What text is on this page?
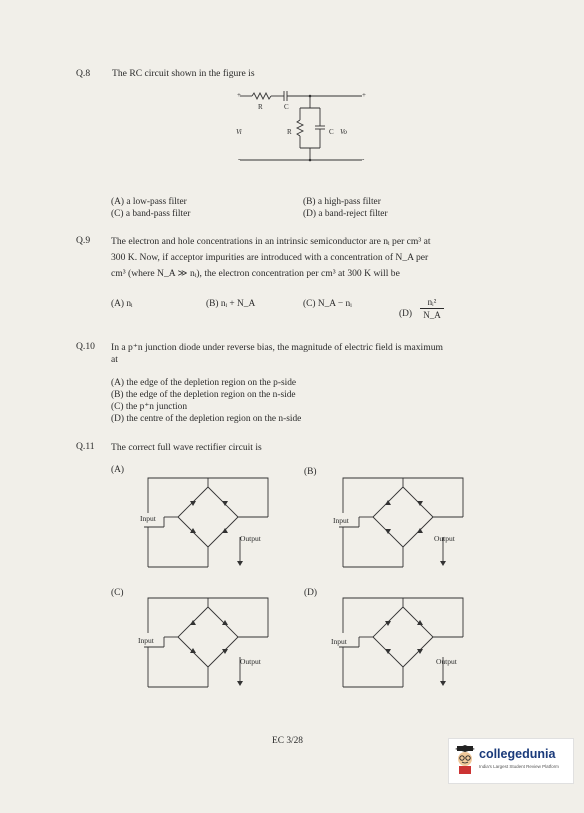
Q.8 The RC circuit shown in the figure is
+	+
R	C
R	C
Vi	Vo
-	-
(A) a low-pass filter	(B) a high-pass filter
(C) a band-pass filter	(D) a band-reject filter
Q.9 The electron and hole concentrations in an intrinsic semiconductor are nᵢ per cm³ at
300 K. Now, if acceptor impurities are introduced with a concentration of N_A per
cm³ (where N_A ≫ nᵢ), the electron concentration per cm³ at 300 K will be
(A) nᵢ	(B) nᵢ + N_A	(C) N_A − nᵢ
(D)
nᵢ²
N_A
Q.10 In a p⁺n junction diode under reverse bias, the magnitude of electric field is maximum
at
(A) the edge of the depletion region on the p-side
(B) the edge of the depletion region on the n-side
(C) the p⁺n junction
(D) the centre of the depletion region on the n-side
Q.11 The correct full wave rectifier circuit is
(A)	(B)
(C)	(D)
Input
Output
Input
Output
Input
Output
Input
Output
EC 3/28
collegedunia
India's Largest Student Review Platform
